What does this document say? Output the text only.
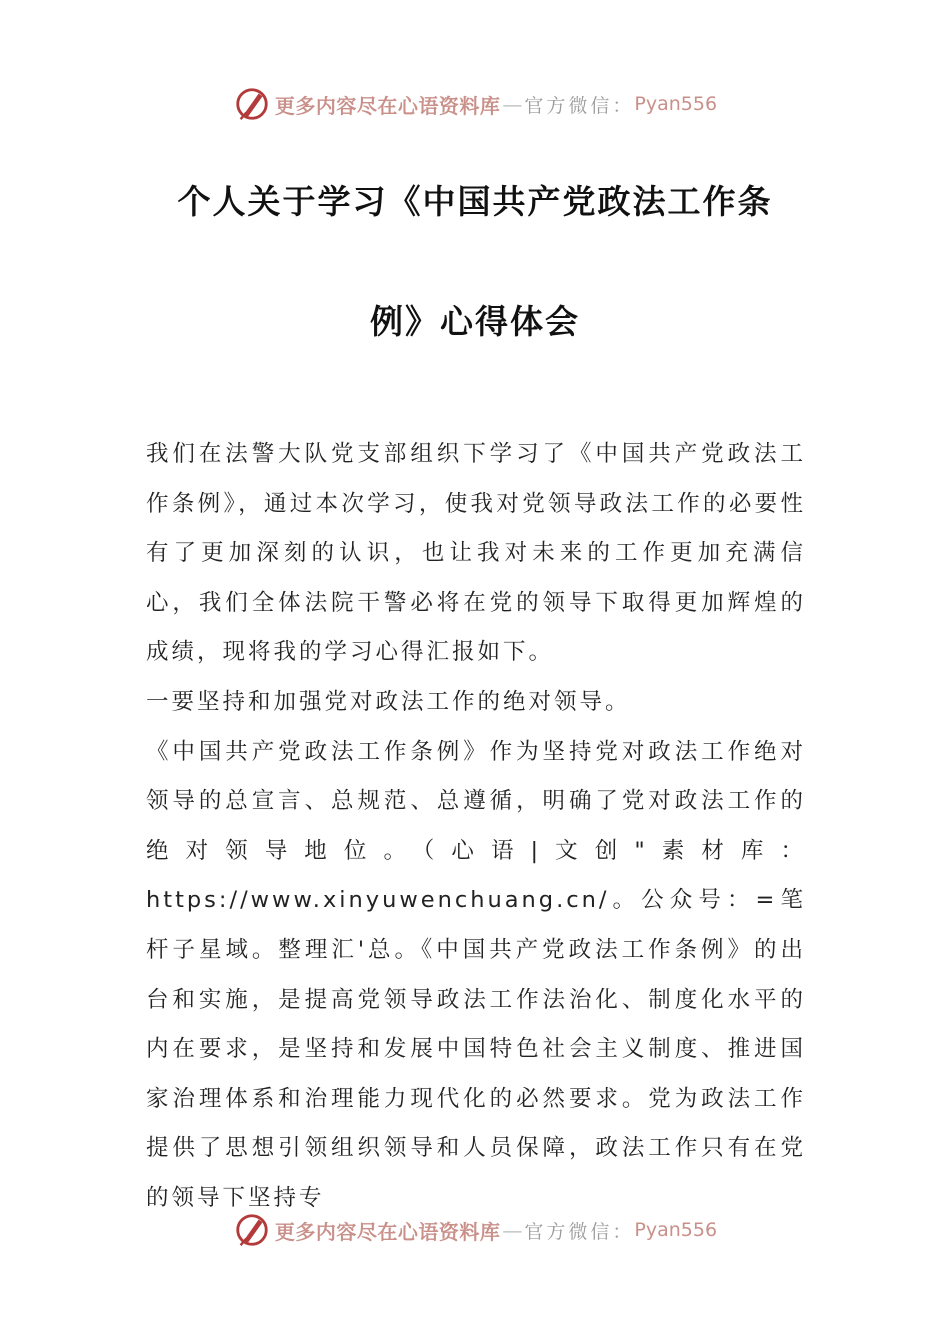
更多内容尽在心语资料库 — 官方微信： Pyan556
个人关于学习《中国共产党政法工作条
例》心得体会

我们在法警大队党支部组织下学习了《中国共产党政法工作条例》，通过本次学习，使我对党领导政法工作的必要性有了更加深刻的认识，也让我对未来的工作更加充满信心，我们全体法院干警必将在党的领导下取得更加辉煌的成绩，现将我的学习心得汇报如下。

一要坚持和加强党对政法工作的绝对领导。

《中国共产党政法工作条例》作为坚持党对政法工作绝对领导的总宣言、总规范、总遵循，明确了党对政法工作的绝对领导地位。（心语|文创"素材库：https://www.xinyuwenchuang.cn/。公众号：=笔杆子星域。整理汇'总。《中国共产党政法工作条例》的出台和实施，是提高党领导政法工作法治化、制度化水平的内在要求，是坚持和发展中国特色社会主义制度、推进国家治理体系和治理能力现代化的必然要求。党为政法工作提供了思想引领组织领导和人员保障，政法工作只有在党的领导下坚持专

更多内容尽在心语资料库 — 官方微信： Pyan556
